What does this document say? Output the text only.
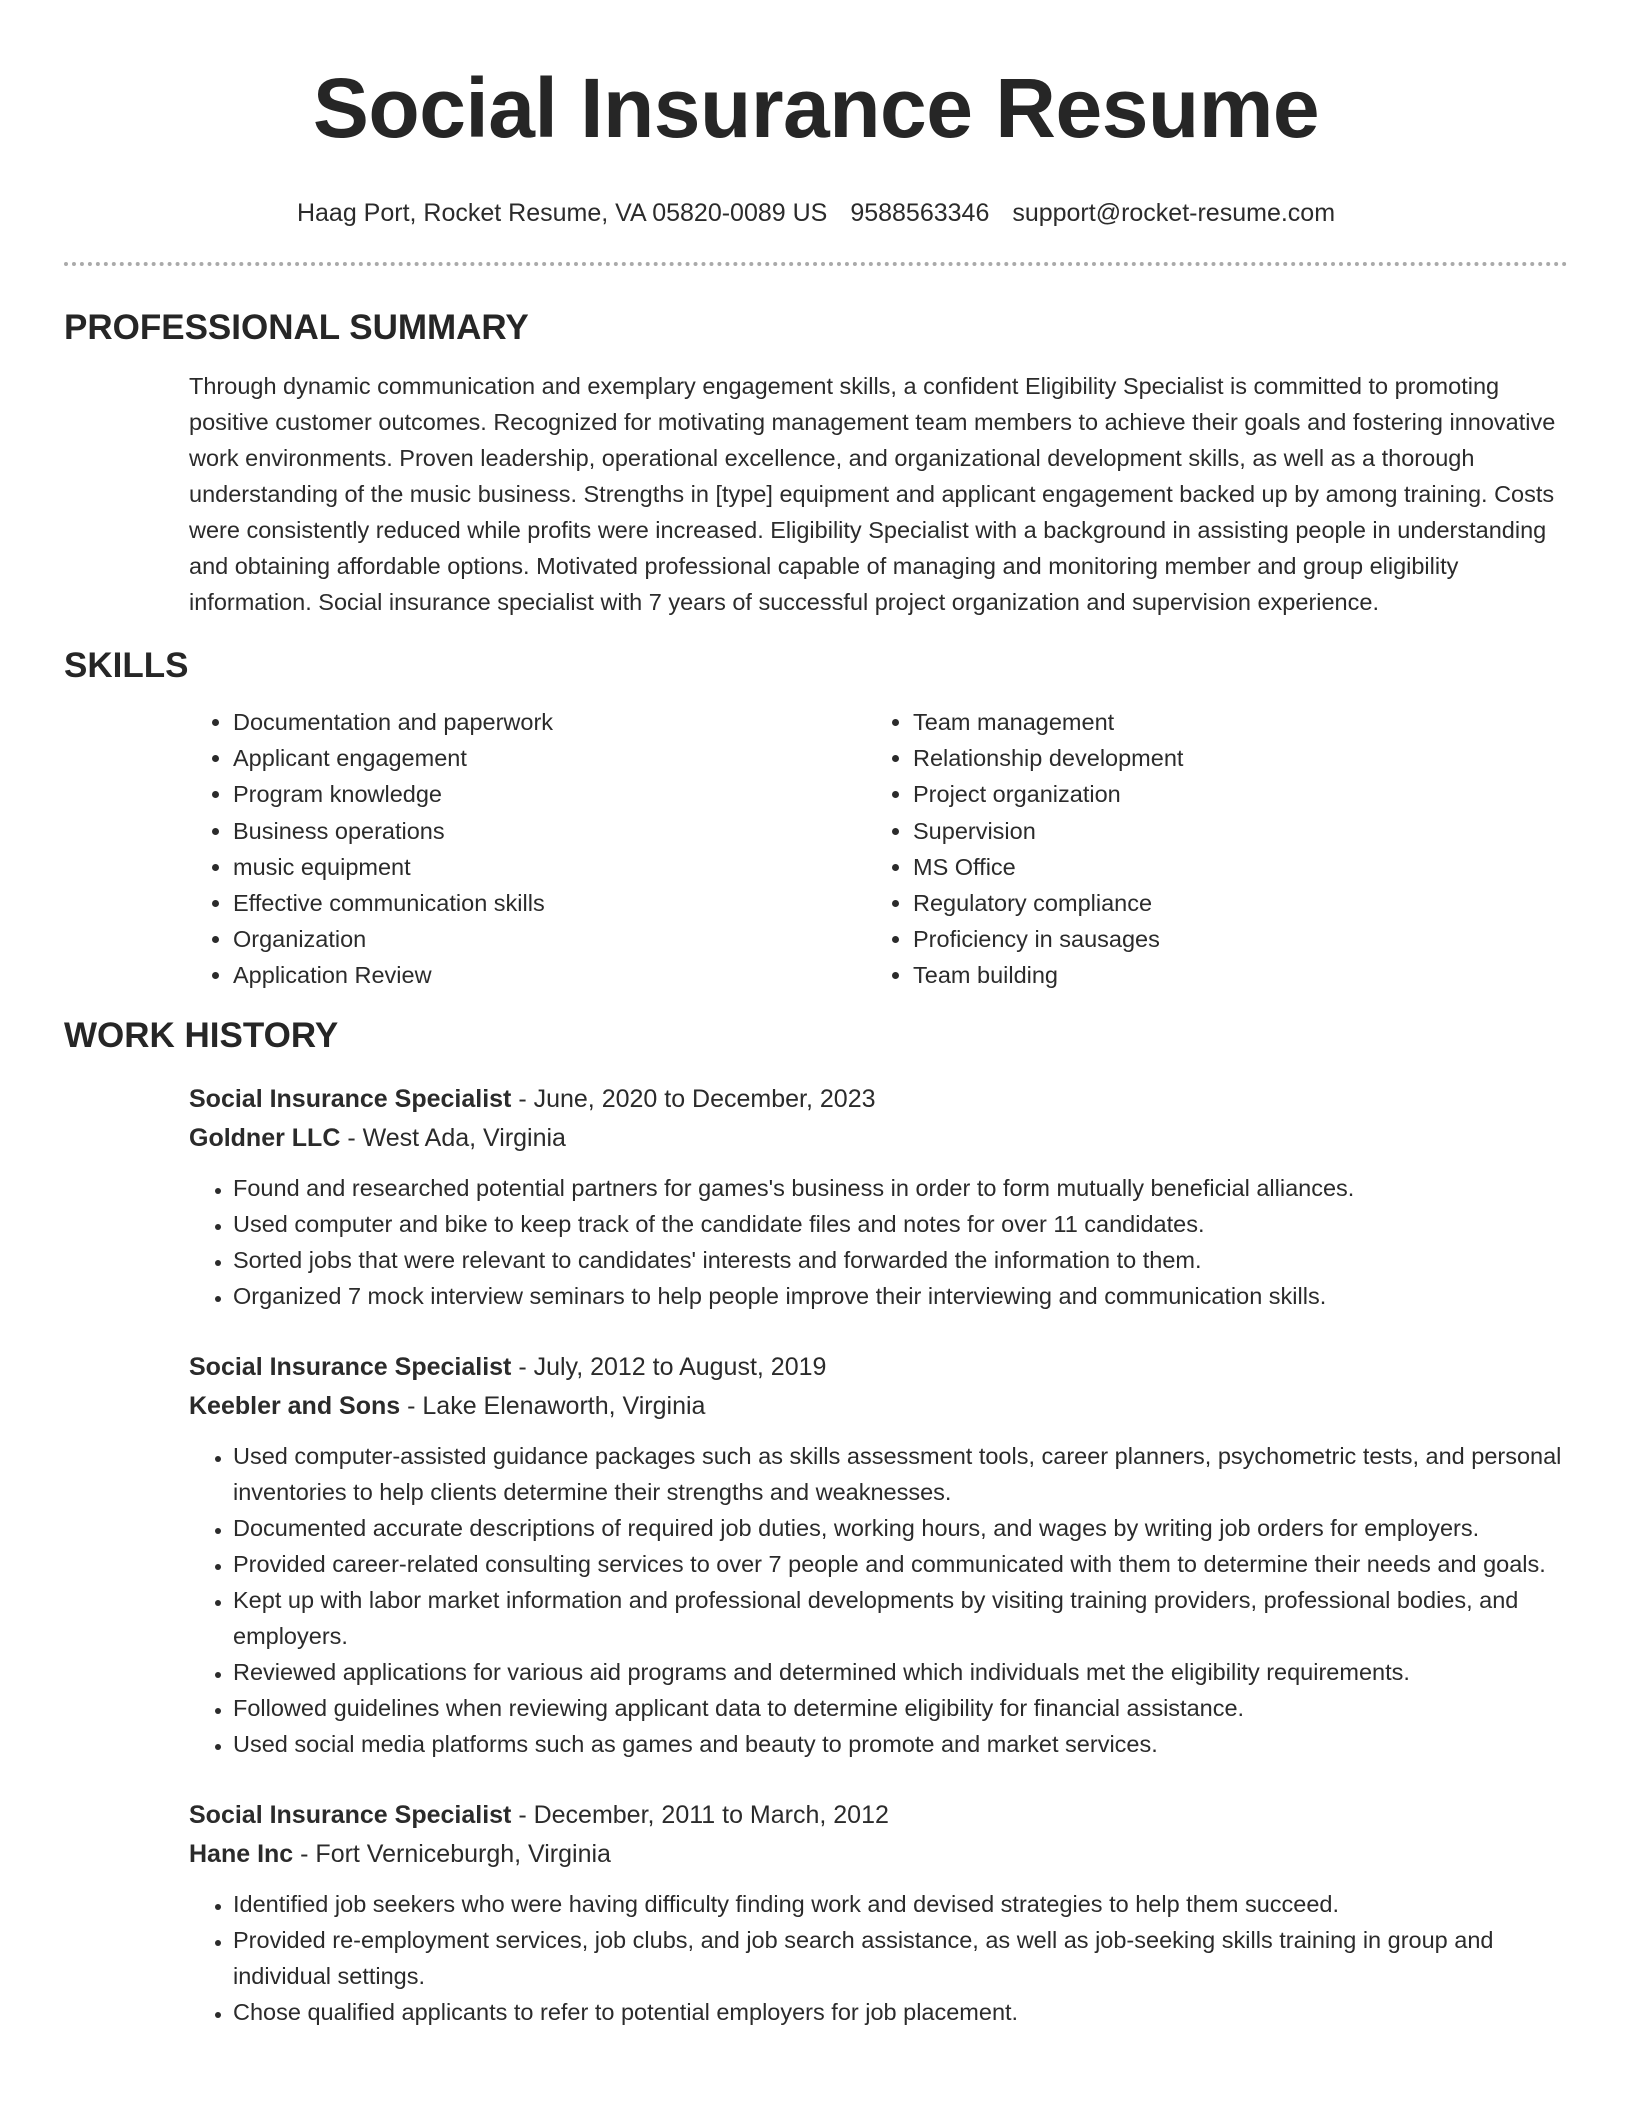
Social Insurance Resume
Haag Port, Rocket Resume, VA 05820-0089 US 9588563346 support@rocket-resume.com
PROFESSIONAL SUMMARY

Through dynamic communication and exemplary engagement skills, a confident Eligibility Specialist is committed to promoting positive customer outcomes. Recognized for motivating management team members to achieve their goals and fostering innovative work environments. Proven leadership, operational excellence, and organizational development skills, as well as a thorough understanding of the music business. Strengths in [type] equipment and applicant engagement backed up by among training. Costs were consistently reduced while profits were increased. Eligibility Specialist with a background in assisting people in understanding and obtaining affordable options. Motivated professional capable of managing and monitoring member and group eligibility information. Social insurance specialist with 7 years of successful project organization and supervision experience.

SKILLS
• Documentation and paperwork
• Applicant engagement
• Program knowledge
• Business operations
• music equipment
• Effective communication skills
• Organization
• Application Review
• Team management
• Relationship development
• Project organization
• Supervision
• MS Office
• Regulatory compliance
• Proficiency in sausages
• Team building
WORK HISTORY
Social Insurance Specialist - June, 2020 to December, 2023
Goldner LLC - West Ada, Virginia
• Found and researched potential partners for games's business in order to form mutually beneficial alliances.
• Used computer and bike to keep track of the candidate files and notes for over 11 candidates.
• Sorted jobs that were relevant to candidates' interests and forwarded the information to them.
• Organized 7 mock interview seminars to help people improve their interviewing and communication skills.
Social Insurance Specialist - July, 2012 to August, 2019
Keebler and Sons - Lake Elenaworth, Virginia
• Used computer-assisted guidance packages such as skills assessment tools, career planners, psychometric tests, and personal inventories to help clients determine their strengths and weaknesses.
• Documented accurate descriptions of required job duties, working hours, and wages by writing job orders for employers.
• Provided career-related consulting services to over 7 people and communicated with them to determine their needs and goals.
• Kept up with labor market information and professional developments by visiting training providers, professional bodies, and employers.
• Reviewed applications for various aid programs and determined which individuals met the eligibility requirements.
• Followed guidelines when reviewing applicant data to determine eligibility for financial assistance.
• Used social media platforms such as games and beauty to promote and market services.
Social Insurance Specialist - December, 2011 to March, 2012
Hane Inc - Fort Verniceburgh, Virginia
• Identified job seekers who were having difficulty finding work and devised strategies to help them succeed.
• Provided re-employment services, job clubs, and job search assistance, as well as job-seeking skills training in group and individual settings.
• Chose qualified applicants to refer to potential employers for job placement.
